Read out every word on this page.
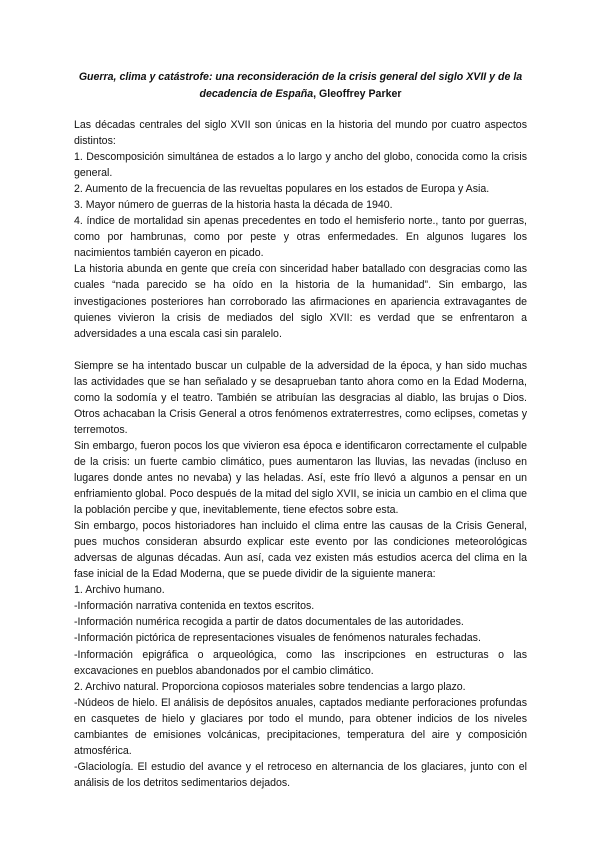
Guerra, clima y catástrofe: una reconsideración de la crisis general del siglo XVII y de la decadencia de España, Gleoffrey Parker

Las décadas centrales del siglo XVII son únicas en la historia del mundo por cuatro aspectos distintos:

1. Descomposición simultánea de estados a lo largo y ancho del globo, conocida como la crisis general.

2. Aumento de la frecuencia de las revueltas populares en los estados de Europa y Asia.

3. Mayor número de guerras de la historia hasta la década de 1940.

4. índice de mortalidad sin apenas precedentes en todo el hemisferio norte., tanto por guerras, como por hambrunas, como por peste y otras enfermedades. En algunos lugares los nacimientos también cayeron en picado.

La historia abunda en gente que creía con sinceridad haber batallado con desgracias como las cuales “nada parecido se ha oído en la historia de la humanidad”. Sin embargo, las investigaciones posteriores han corroborado las afirmaciones en apariencia extravagantes de quienes vivieron la crisis de mediados del siglo XVII: es verdad que se enfrentaron a adversidades a una escala casi sin paralelo.

Siempre se ha intentado buscar un culpable de la adversidad de la época, y han sido muchas las actividades que se han señalado y se desaprueban tanto ahora como en la Edad Moderna, como la sodomía y el teatro. También se atribuían las desgracias al diablo, las brujas o Dios. Otros achacaban la Crisis General a otros fenómenos extraterrestres, como eclipses, cometas y terremotos.

Sin embargo, fueron pocos los que vivieron esa época e identificaron correctamente el culpable de la crisis: un fuerte cambio climático, pues aumentaron las lluvias, las nevadas (incluso en lugares donde antes no nevaba) y las heladas. Así, este frío llevó a algunos a pensar en un enfriamiento global. Poco después de la mitad del siglo XVII, se inicia un cambio en el clima que la población percibe y que, inevitablemente, tiene efectos sobre esta.

Sin embargo, pocos historiadores han incluido el clima entre las causas de la Crisis General, pues muchos consideran absurdo explicar este evento por las condiciones meteorológicas adversas de algunas décadas. Aun así, cada vez existen más estudios acerca del clima en la fase inicial de la Edad Moderna, que se puede dividir de la siguiente manera:

1. Archivo humano.

-Información narrativa contenida en textos escritos.

-Información numérica recogida a partir de datos documentales de las autoridades.

-Información pictórica de representaciones visuales de fenómenos naturales fechadas.

-Información epigráfica o arqueológica, como las inscripciones en estructuras o las excavaciones en pueblos abandonados por el cambio climático.

2. Archivo natural. Proporciona copiosos materiales sobre tendencias a largo plazo.

-Núdeos de hielo. El análisis de depósitos anuales, captados mediante perforaciones profundas en casquetes de hielo y glaciares por todo el mundo, para obtener indicios de los niveles cambiantes de emisiones volcánicas, precipitaciones, temperatura del aire y composición atmosférica.

-Glaciología. El estudio del avance y el retroceso en alternancia de los glaciares, junto con el análisis de los detritos sedimentarios dejados.
